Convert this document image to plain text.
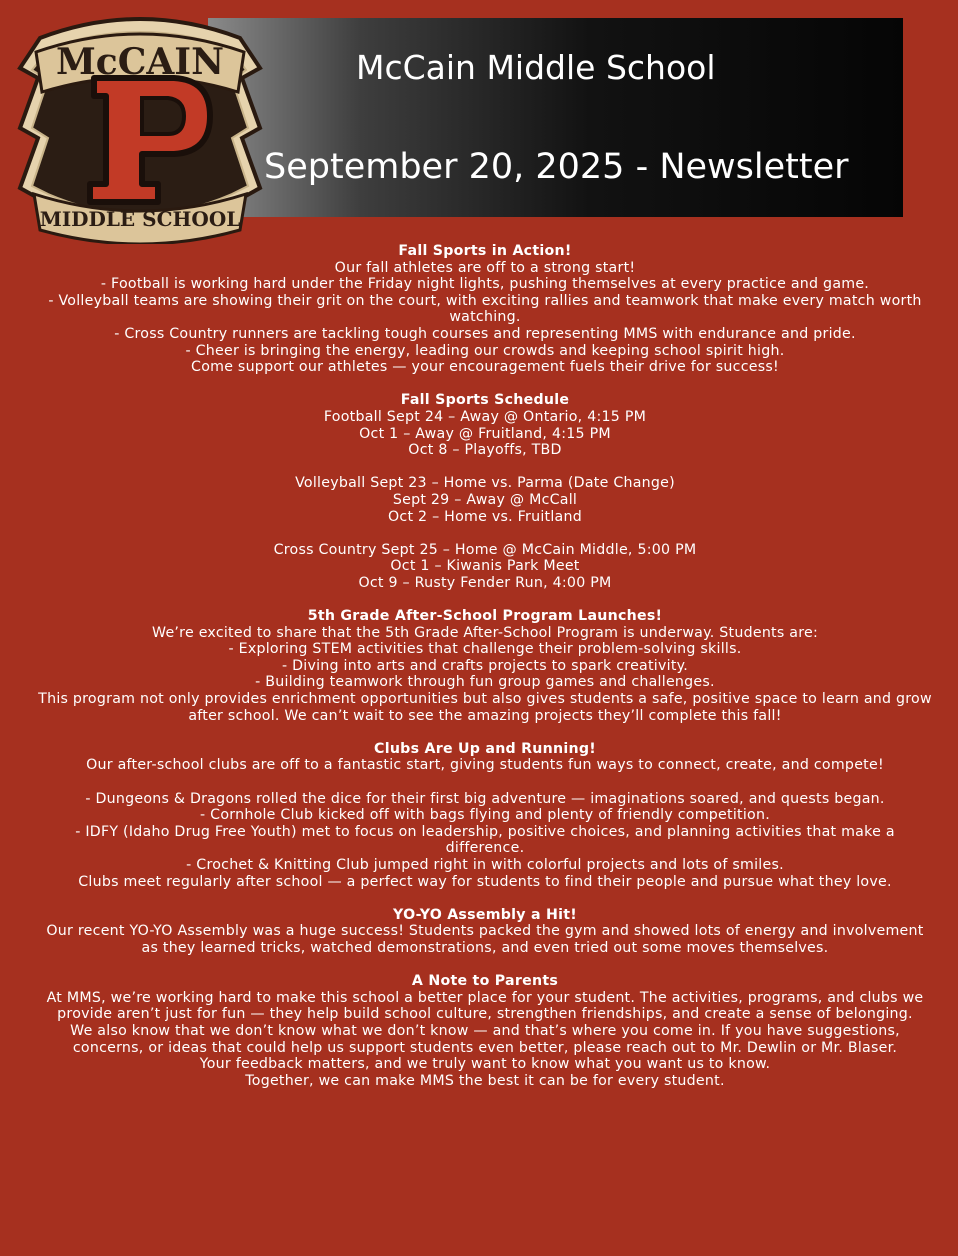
McCain Middle School
September 20, 2025 - Newsletter
McCAIN
MIDDLE SCHOOL
Fall Sports in Action!
Our fall athletes are off to a strong start!
- Football is working hard under the Friday night lights, pushing themselves at every practice and game.
- Volleyball teams are showing their grit on the court, with exciting rallies and teamwork that make every match worth watching.
- Cross Country runners are tackling tough courses and representing MMS with endurance and pride.
- Cheer is bringing the energy, leading our crowds and keeping school spirit high.
Come support our athletes — your encouragement fuels their drive for success!
Fall Sports Schedule
Football Sept 24 – Away @ Ontario, 4:15 PM
Oct 1 – Away @ Fruitland, 4:15 PM
Oct 8 – Playoffs, TBD
Volleyball Sept 23 – Home vs. Parma (Date Change)
Sept 29 – Away @ McCall
Oct 2 – Home vs. Fruitland
Cross Country Sept 25 – Home @ McCain Middle, 5:00 PM
Oct 1 – Kiwanis Park Meet
Oct 9 – Rusty Fender Run, 4:00 PM
5th Grade After-School Program Launches!
We’re excited to share that the 5th Grade After-School Program is underway. Students are:
- Exploring STEM activities that challenge their problem-solving skills.
- Diving into arts and crafts projects to spark creativity.
- Building teamwork through fun group games and challenges.
This program not only provides enrichment opportunities but also gives students a safe, positive space to learn and grow after school. We can’t wait to see the amazing projects they’ll complete this fall!
Clubs Are Up and Running!
Our after-school clubs are off to a fantastic start, giving students fun ways to connect, create, and compete!
- Dungeons & Dragons rolled the dice for their first big adventure — imaginations soared, and quests began.
- Cornhole Club kicked off with bags flying and plenty of friendly competition.
- IDFY (Idaho Drug Free Youth) met to focus on leadership, positive choices, and planning activities that make a difference.
- Crochet & Knitting Club jumped right in with colorful projects and lots of smiles.
Clubs meet regularly after school — a perfect way for students to find their people and pursue what they love.
YO-YO Assembly a Hit!
Our recent YO-YO Assembly was a huge success! Students packed the gym and showed lots of energy and involvement as they learned tricks, watched demonstrations, and even tried out some moves themselves.
A Note to Parents
At MMS, we’re working hard to make this school a better place for your student. The activities, programs, and clubs we provide aren’t just for fun — they help build school culture, strengthen friendships, and create a sense of belonging.
We also know that we don’t know what we don’t know — and that’s where you come in. If you have suggestions, concerns, or ideas that could help us support students even better, please reach out to Mr. Dewlin or Mr. Blaser.
Your feedback matters, and we truly want to know what you want us to know.
Together, we can make MMS the best it can be for every student.
